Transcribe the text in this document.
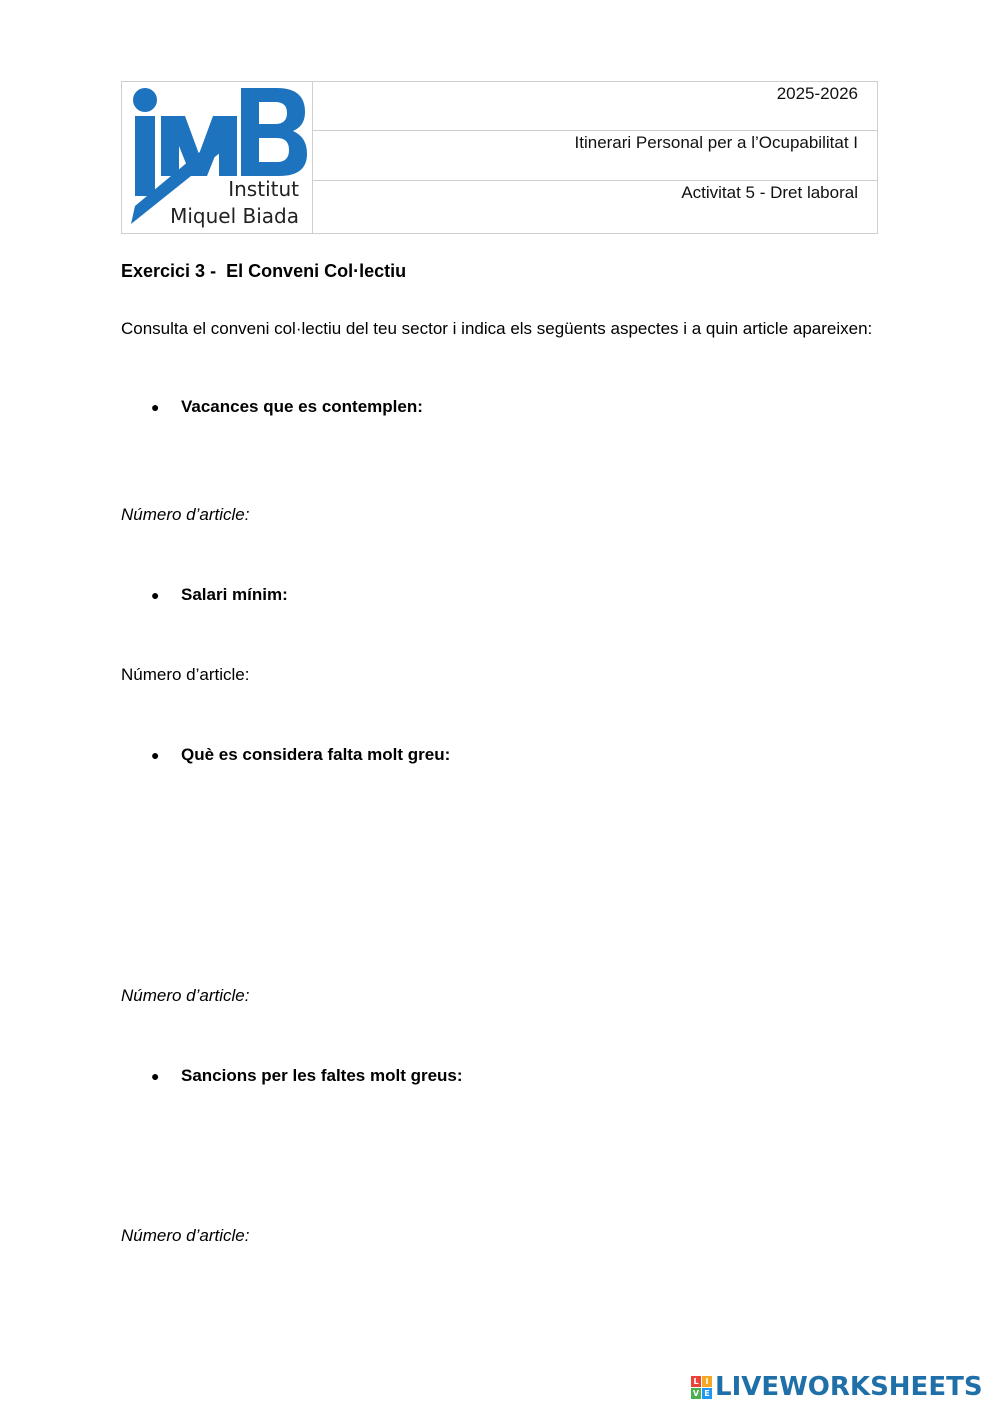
Institut
Miquel Biada
2025-2026
Itinerari Personal per a l’Ocupabilitat I
Activitat 5 - Dret laboral
Exercici 3 -  El Conveni Col·lectiu

Consulta el conveni col·lectiu del teu sector i indica els següents aspectes i a quin article apareixen:

●	Vacances que es contemplen:

Número d’article:

●	Salari mínim:

Número d’article:

●	Què es considera falta molt greu:

Número d’article:

●	Sancions per les faltes molt greus:

Número d’article:

L I
V E LIVEWORKSHEETS
